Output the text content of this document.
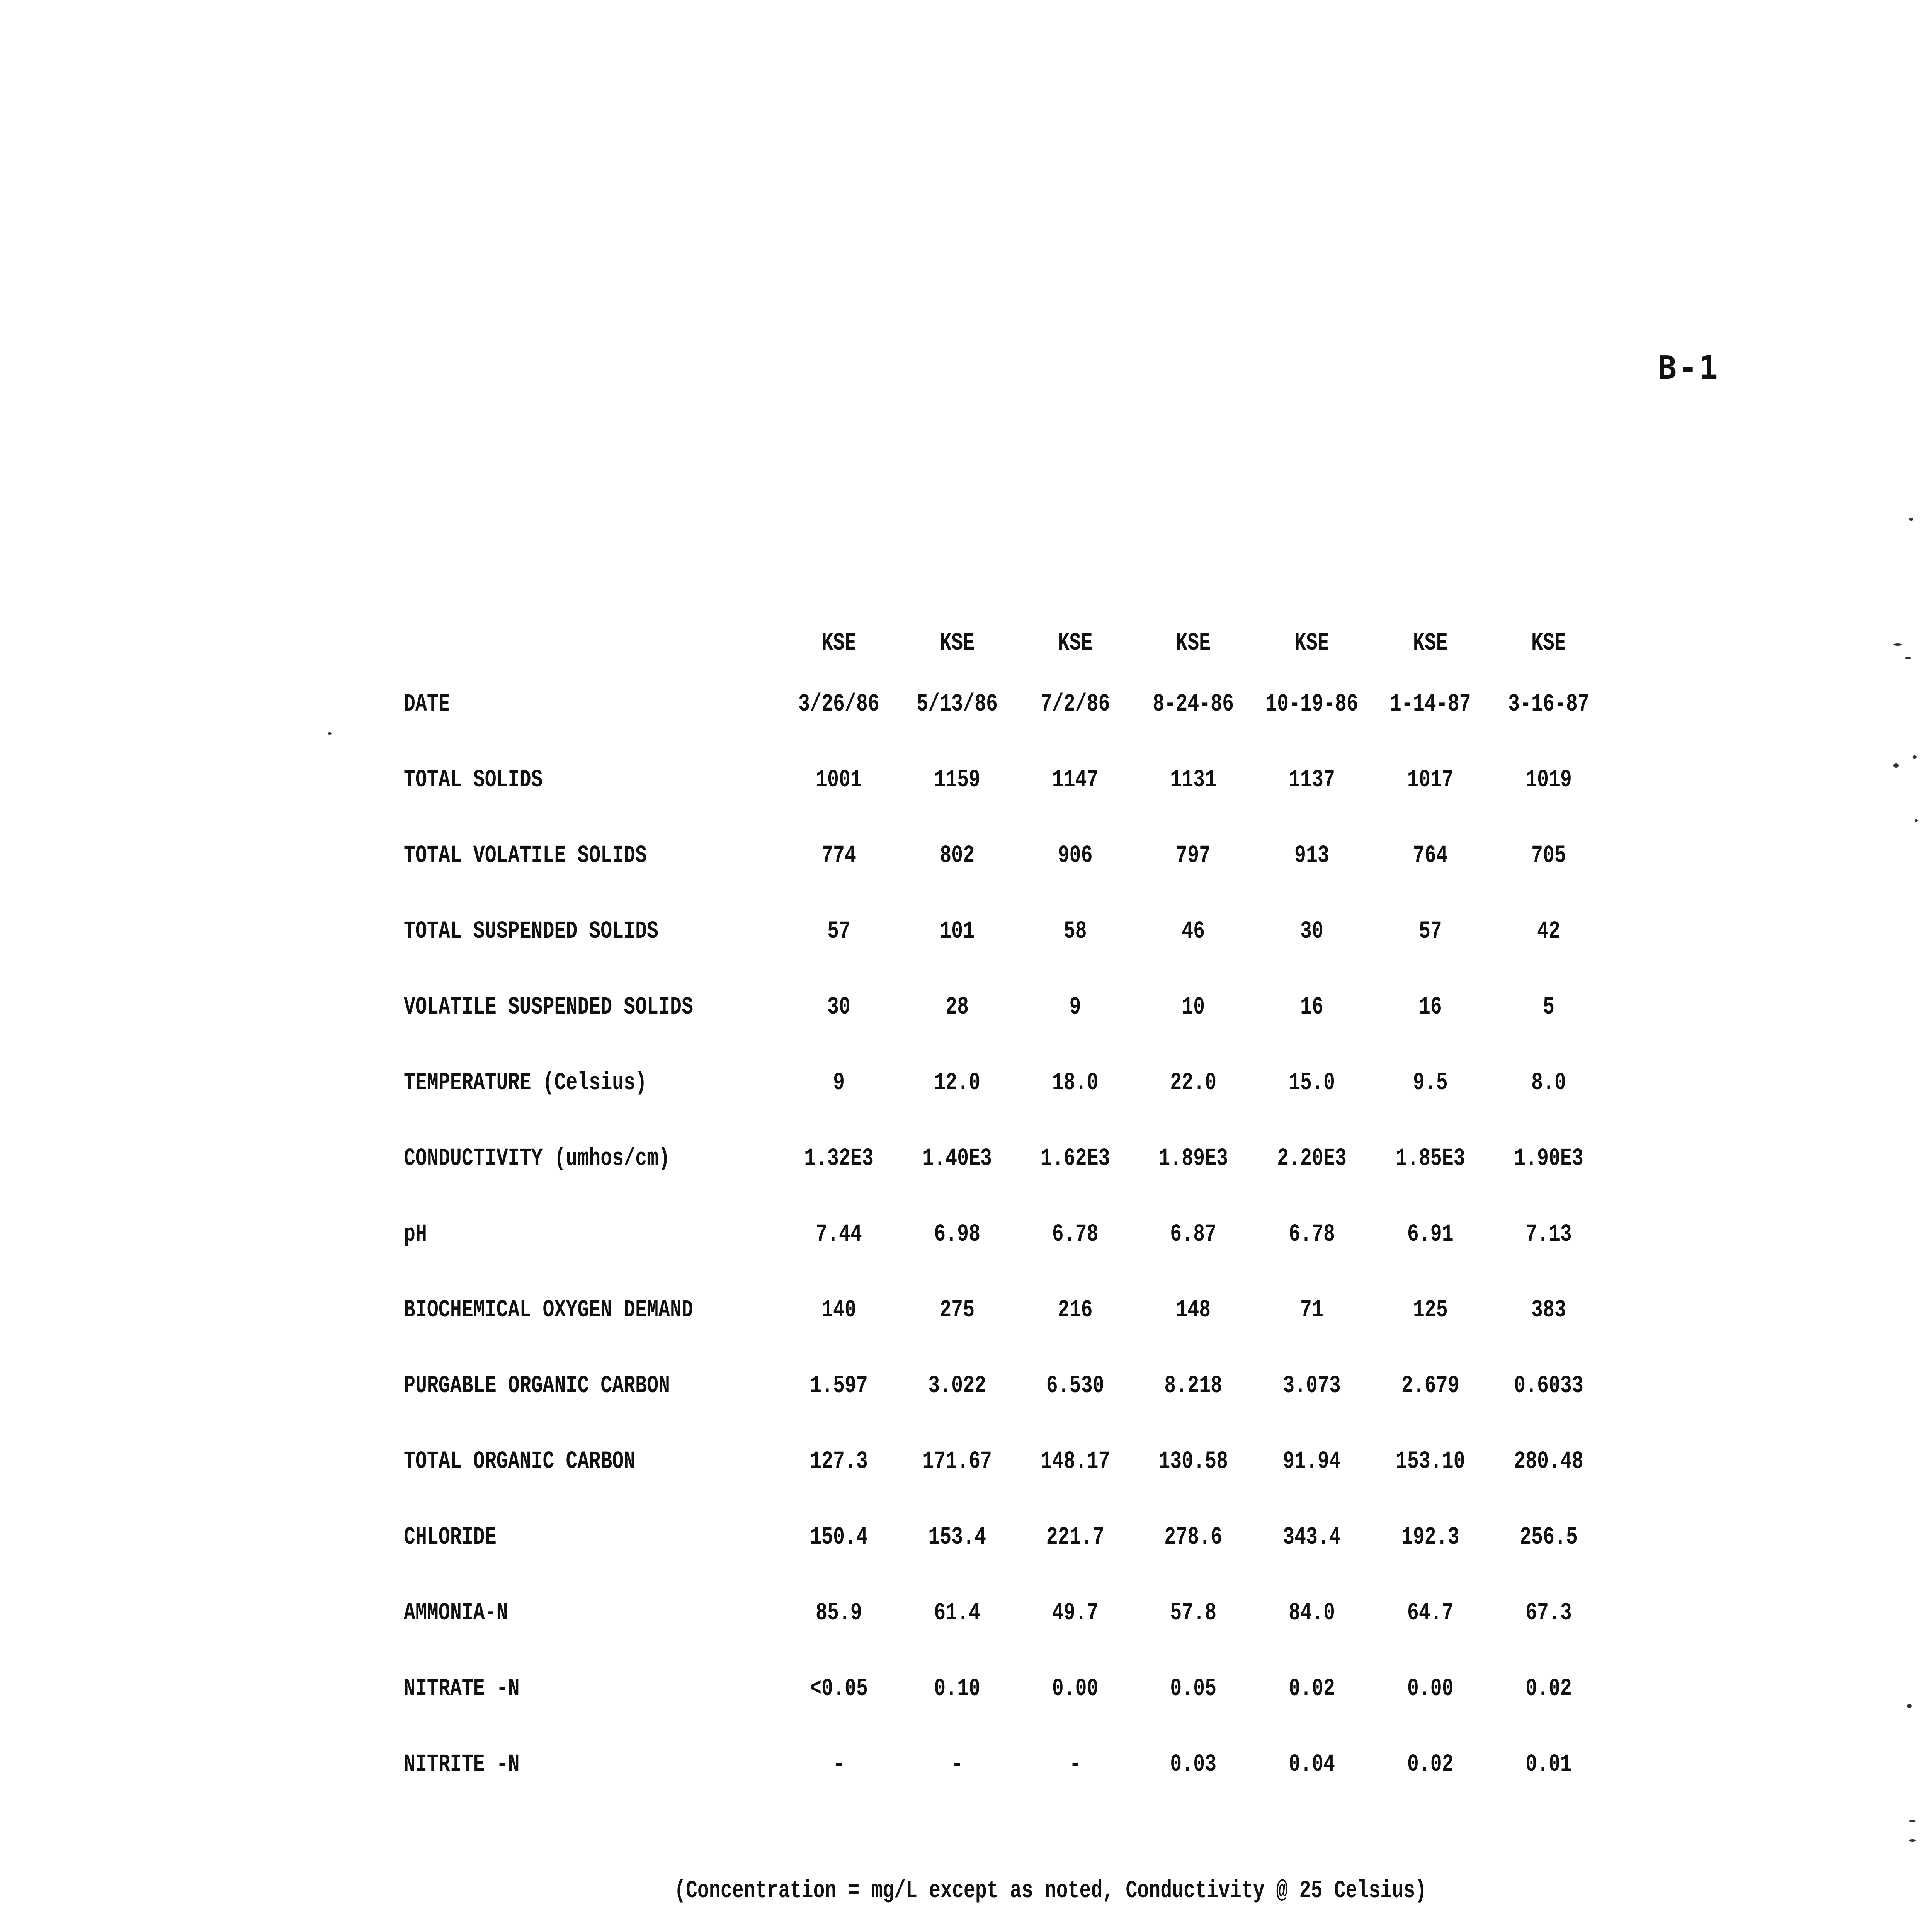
B-1
	KSE	KSE	KSE	KSE	KSE	KSE	KSE
DATE	3/26/86	5/13/86	7/2/86	8-24-86	10-19-86	1-14-87	3-16-87
TOTAL SOLIDS	1001	1159	1147	1131	1137	1017	1019
TOTAL VOLATILE SOLIDS	774	802	906	797	913	764	705
TOTAL SUSPENDED SOLIDS	57	101	58	46	30	57	42
VOLATILE SUSPENDED SOLIDS	30	28	9	10	16	16	5
TEMPERATURE (Celsius)	9	12.0	18.0	22.0	15.0	9.5	8.0
CONDUCTIVITY (umhos/cm)	1.32E3	1.40E3	1.62E3	1.89E3	2.20E3	1.85E3	1.90E3
pH	7.44	6.98	6.78	6.87	6.78	6.91	7.13
BIOCHEMICAL OXYGEN DEMAND	140	275	216	148	71	125	383
PURGABLE ORGANIC CARBON	1.597	3.022	6.530	8.218	3.073	2.679	0.6033
TOTAL ORGANIC CARBON	127.3	171.67	148.17	130.58	91.94	153.10	280.48
CHLORIDE	150.4	153.4	221.7	278.6	343.4	192.3	256.5
AMMONIA-N	85.9	61.4	49.7	57.8	84.0	64.7	67.3
NITRATE -N	<0.05	0.10	0.00	0.05	0.02	0.00	0.02
NITRITE -N	-	-	-	0.03	0.04	0.02	0.01
(Concentration = mg/L except as noted, Conductivity @ 25 Celsius)
